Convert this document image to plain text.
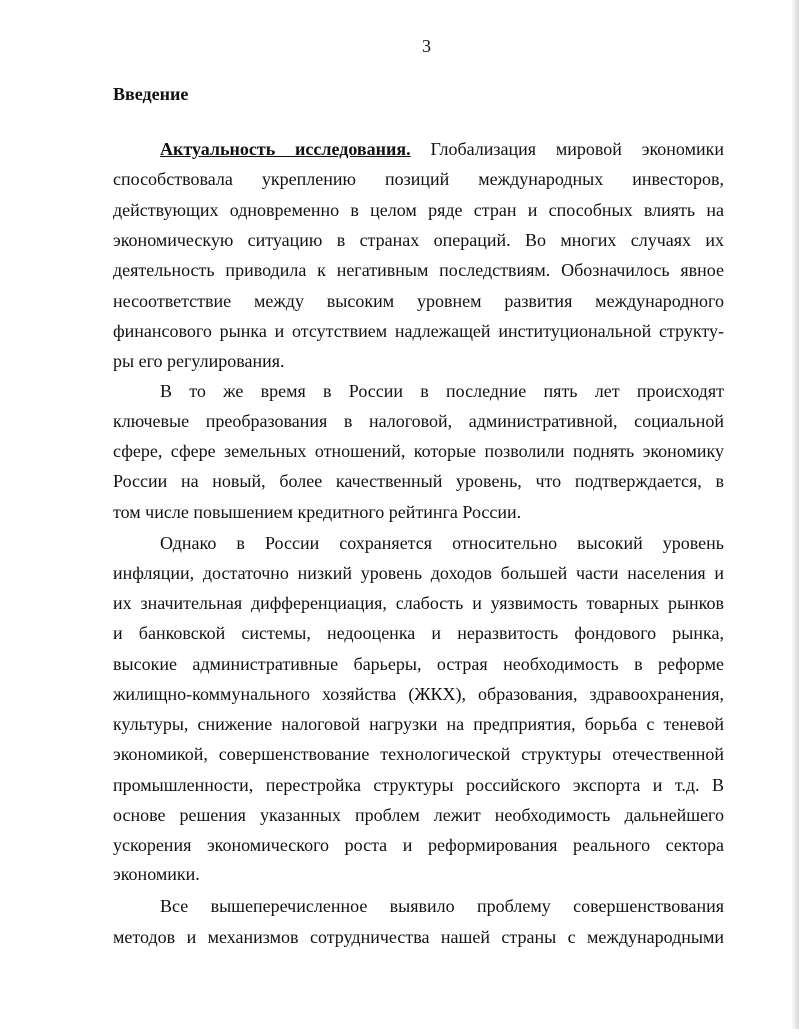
3
Введение
Актуальность исследования. Глобализация мировой экономики
способствовала укреплению позиций международных инвесторов,
действующих одновременно в целом ряде стран и способных влиять на
экономическую ситуацию в странах операций. Во многих случаях их
деятельность приводила к негативным последствиям. Обозначилось явное
несоответствие между высоким уровнем развития международного
финансового рынка и отсутствием надлежащей институциональной структу-
ры его регулирования.
В то же время в России в последние пять лет происходят
ключевые преобразования в налоговой, административной, социальной
сфере, сфере земельных отношений, которые позволили поднять экономику
России на новый, более качественный уровень, что подтверждается, в
том числе повышением кредитного рейтинга России.
Однако в России сохраняется относительно высокий уровень
инфляции, достаточно низкий уровень доходов большей части населения и
их значительная дифференциация, слабость и уязвимость товарных рынков
и банковской системы, недооценка и неразвитость фондового рынка,
высокие административные барьеры, острая необходимость в реформе
жилищно-коммунального хозяйства (ЖКХ), образования, здравоохранения,
культуры, снижение налоговой нагрузки на предприятия, борьба с теневой
экономикой, совершенствование технологической структуры отечественной
промышленности, перестройка структуры российского экспорта и т.д. В
основе решения указанных проблем лежит необходимость дальнейшего
ускорения экономического роста и реформирования реального сектора
экономики.
Все вышеперечисленное выявило проблему совершенствования
методов и механизмов сотрудничества нашей страны с международными
